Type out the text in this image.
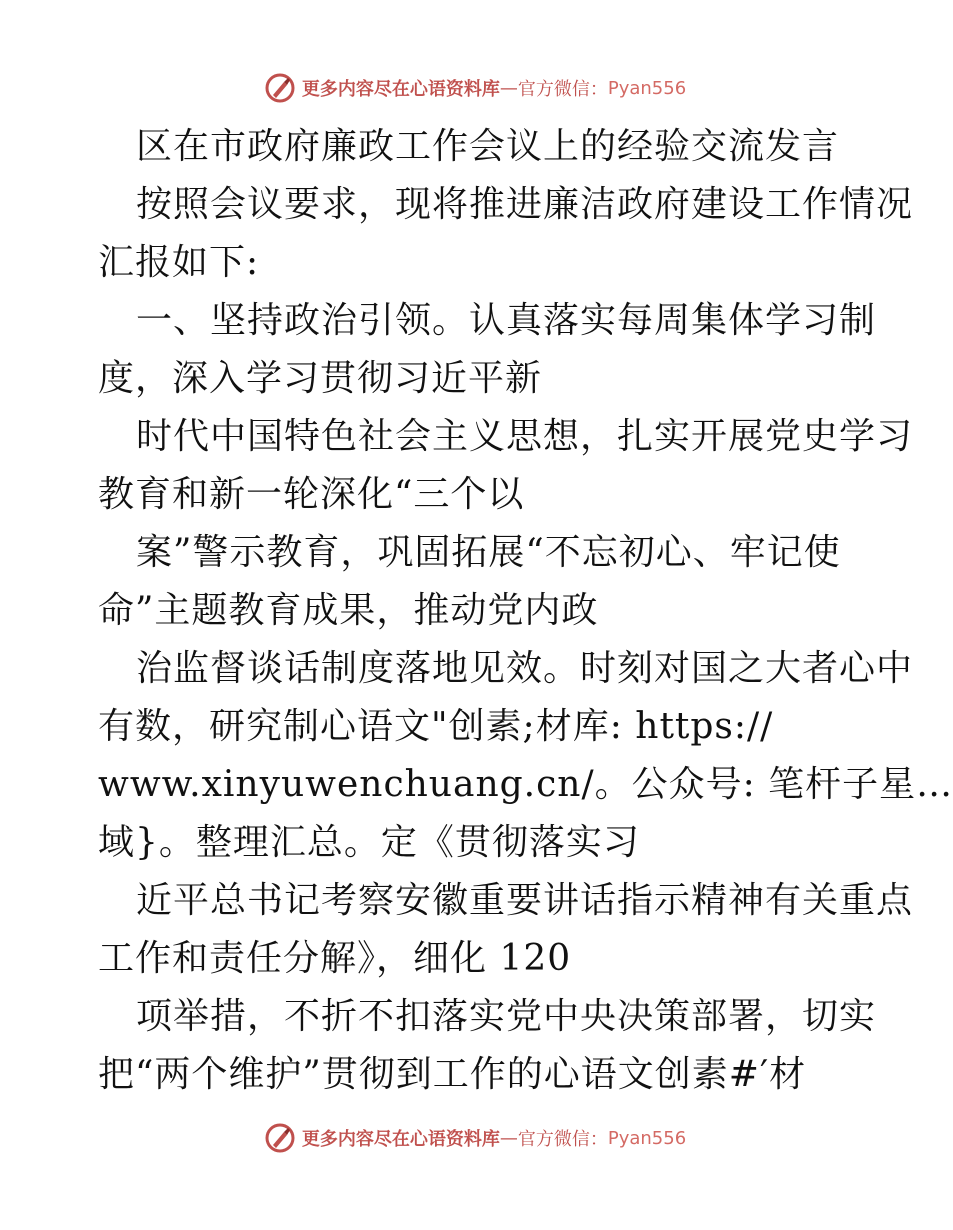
更多内容尽在心语资料库 — 官方微信： Pyan556
区在市政府廉政工作会议上的经验交流发言
按照会议要求，现将推进廉洁政府建设工作情况
汇报如下:
一、坚持政治引领。认真落实每周集体学习制
度，深入学习贯彻习近平新
时代中国特色社会主义思想，扎实开展党史学习
教育和新一轮深化“三个以
案”警示教育，巩固拓展“不忘初心、牢记使
命”主题教育成果，推动党内政
治监督谈话制度落地见效。时刻对国之大者心中
有数，研究制心语文"创素;材库: https://
www.xinyuwenchuang.cn/。公众号: 笔杆子星…
域}。整理汇总。定《贯彻落实习
近平总书记考察安徽重要讲话指示精神有关重点
工作和责任分解》，细化 120
项举措，不折不扣落实党中央决策部署，切实
把“两个维护”贯彻到工作的心语文创素#′材
更多内容尽在心语资料库 — 官方微信： Pyan556
